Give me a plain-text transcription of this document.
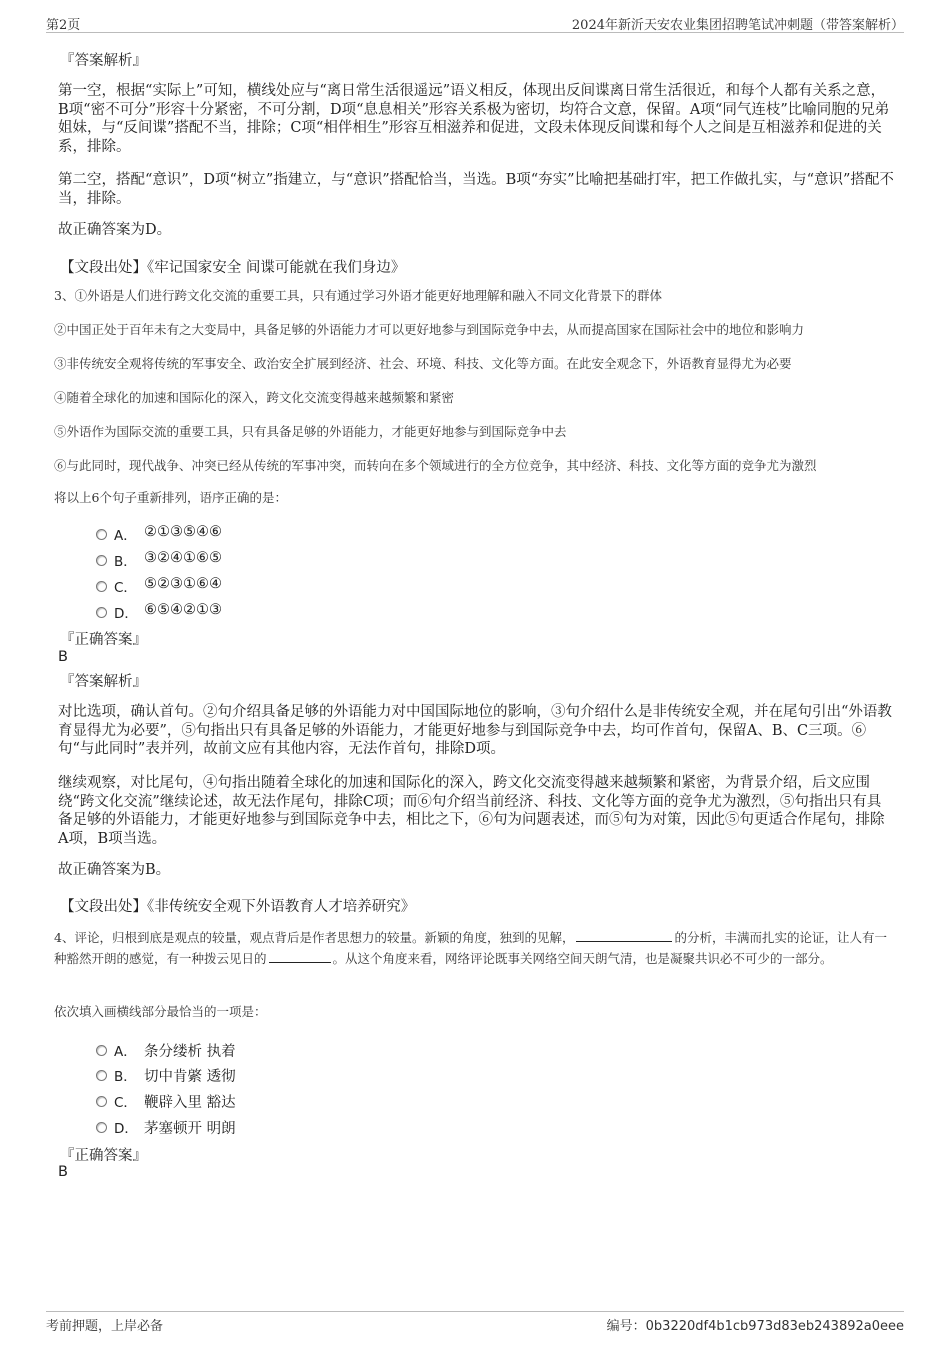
第2页	2024年新沂天安农业集团招聘笔试冲刺题（带答案解析）
『答案解析』
第一空，根据“实际上”可知，横线处应与“离日常生活很遥远”语义相反，体现出反间谍离日常生活很近，和每个人都有关系之意，B项“密不可分”形容十分紧密，不可分割，D项“息息相关”形容关系极为密切，均符合文意，保留。A项“同气连枝”比喻同胞的兄弟姐妹，与“反间谍”搭配不当，排除；C项“相伴相生”形容互相滋养和促进，文段未体现反间谍和每个人之间是互相滋养和促进的关系，排除。
第二空，搭配“意识”，D项“树立”指建立，与“意识”搭配恰当，当选。B项“夯实”比喻把基础打牢，把工作做扎实，与“意识”搭配不当，排除。
故正确答案为D。
【文段出处】《牢记国家安全 间谍可能就在我们身边》
3、①外语是人们进行跨文化交流的重要工具，只有通过学习外语才能更好地理解和融入不同文化背景下的群体
②中国正处于百年未有之大变局中，具备足够的外语能力才可以更好地参与到国际竞争中去，从而提高国家在国际社会中的地位和影响力
③非传统安全观将传统的军事安全、政治安全扩展到经济、社会、环境、科技、文化等方面。在此安全观念下，外语教育显得尤为必要
④随着全球化的加速和国际化的深入，跨文化交流变得越来越频繁和紧密
⑤外语作为国际交流的重要工具，只有具备足够的外语能力，才能更好地参与到国际竞争中去
⑥与此同时，现代战争、冲突已经从传统的军事冲突，而转向在多个领域进行的全方位竞争，其中经济、科技、文化等方面的竞争尤为激烈
将以上6个句子重新排列，语序正确的是：
A． ②①③⑤④⑥
B． ③②④①⑥⑤
C． ⑤②③①⑥④
D． ⑥⑤④②①③
『正确答案』
B
『答案解析』
对比选项，确认首句。②句介绍具备足够的外语能力对中国国际地位的影响，③句介绍什么是非传统安全观，并在尾句引出“外语教育显得尤为必要”，⑤句指出只有具备足够的外语能力，才能更好地参与到国际竞争中去，均可作首句，保留A、B、C三项。⑥句“与此同时”表并列，故前文应有其他内容，无法作首句，排除D项。
继续观察，对比尾句，④句指出随着全球化的加速和国际化的深入，跨文化交流变得越来越频繁和紧密，为背景介绍，后文应围绕“跨文化交流”继续论述，故无法作尾句，排除C项；而⑥句介绍当前经济、科技、文化等方面的竞争尤为激烈，⑤句指出只有具备足够的外语能力，才能更好地参与到国际竞争中去，相比之下，⑥句为问题表述，而⑤句为对策，因此⑤句更适合作尾句，排除A项，B项当选。
故正确答案为B。
【文段出处】《非传统安全观下外语教育人才培养研究》
4、评论，归根到底是观点的较量，观点背后是作者思想力的较量。新颖的角度，独到的见解，	的分析，丰满而扎实的论证，让人有一种豁然开朗的感觉，有一种拨云见日的	。从这个角度来看，网络评论既事关网络空间天朗气清，也是凝聚共识必不可少的一部分。
依次填入画横线部分最恰当的一项是：
A． 条分缕析 执着
B． 切中肯綮 透彻
C． 鞭辟入里 豁达
D． 茅塞顿开 明朗
『正确答案』
B
考前押题，上岸必备	编号：0b3220df4b1cb973d83eb243892a0eee
